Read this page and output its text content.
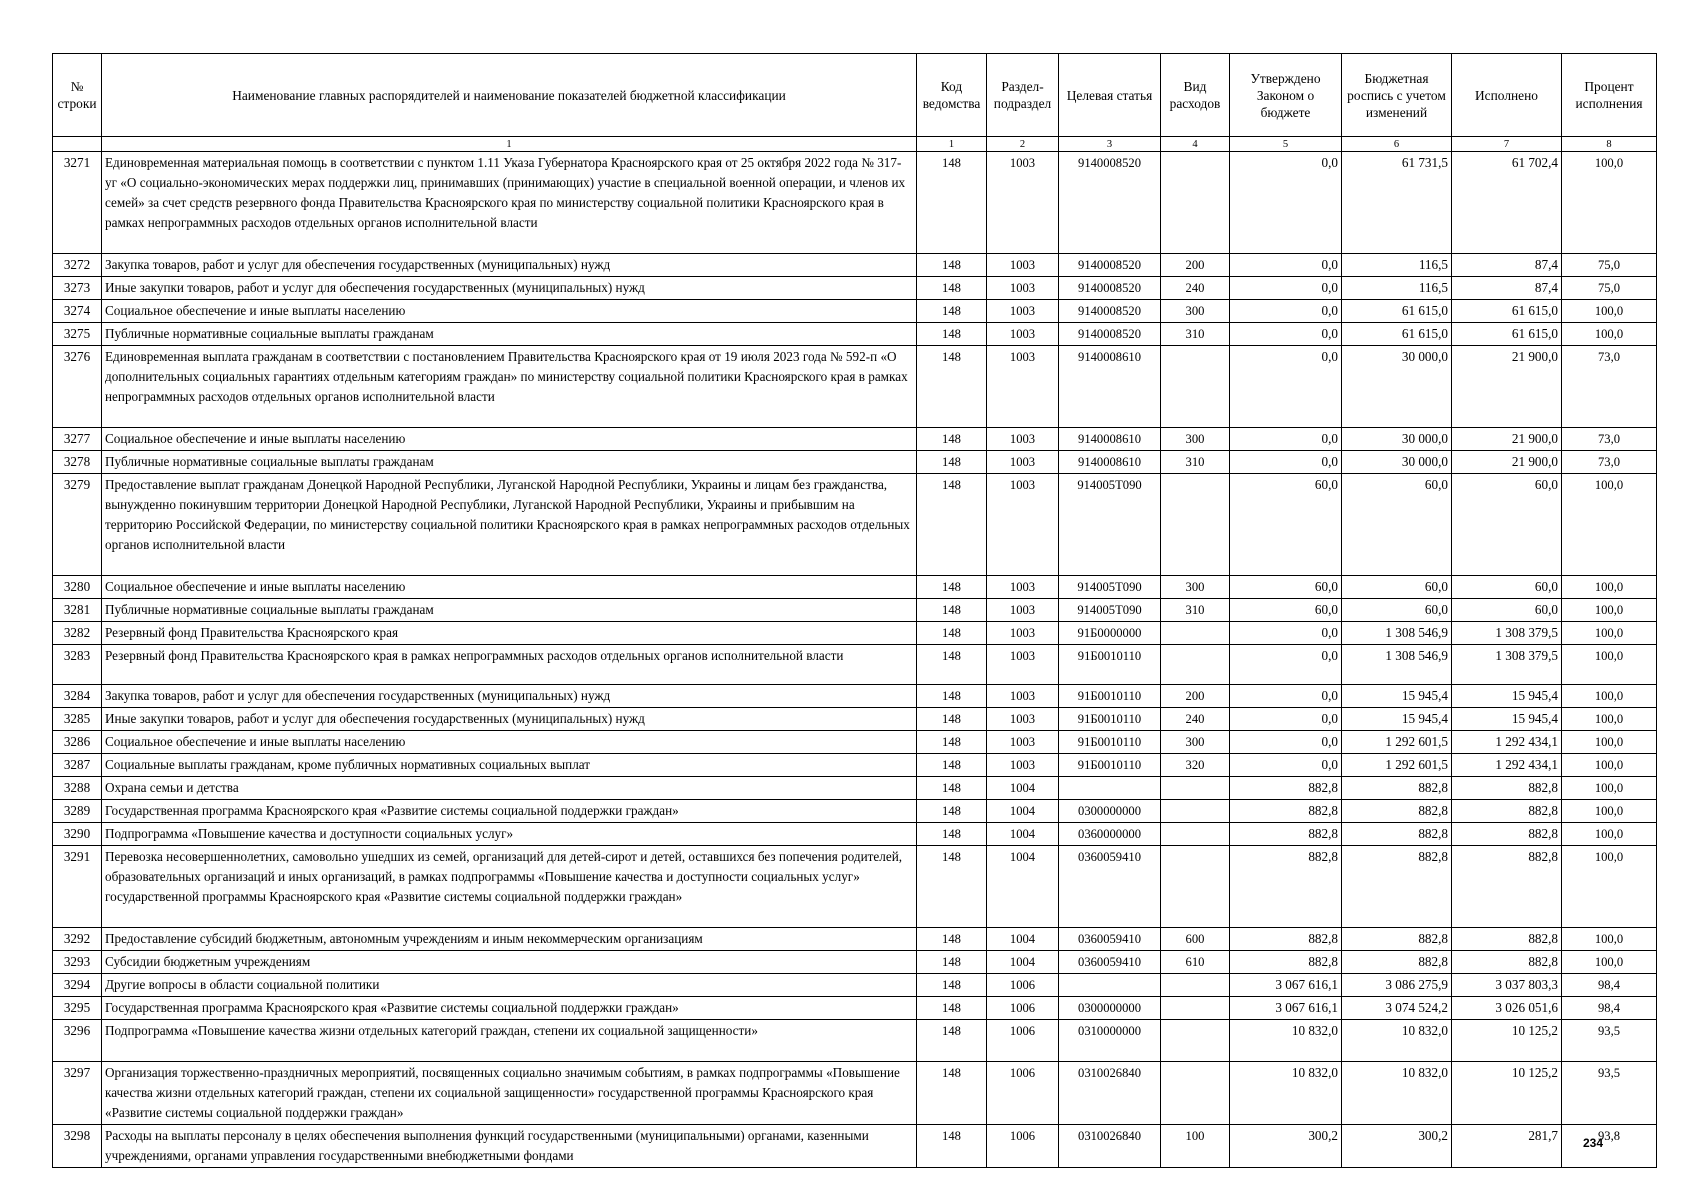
№ строки	Наименование главных распорядителей и наименование показателей бюджетной классификации	Код ведомства	Раздел-подраздел	Целевая статья	Вид расходов	Утверждено Законом о бюджете	Бюджетная роспись с учетом изменений	Исполнено	Процент исполнения
	1	1	2	3	4	5	6	7	8
3271	Единовременная материальная помощь в соответствии с пунктом 1.11 Указа Губернатора Красноярского края от 25 октября 2022 года № 317-уг «О социально-экономических мерах поддержки лиц, принимавших (принимающих) участие в специальной военной операции, и членов их семей» за счет средств резервного фонда Правительства Красноярского края по министерству социальной политики Красноярского края в рамках непрограммных расходов отдельных органов исполнительной власти	148	1003	9140008520		0,0	61 731,5	61 702,4	100,0
3272	Закупка товаров, работ и услуг для обеспечения государственных (муниципальных) нужд	148	1003	9140008520	200	0,0	116,5	87,4	75,0
3273	Иные закупки товаров, работ и услуг для обеспечения государственных (муниципальных) нужд	148	1003	9140008520	240	0,0	116,5	87,4	75,0
3274	Социальное обеспечение и иные выплаты населению	148	1003	9140008520	300	0,0	61 615,0	61 615,0	100,0
3275	Публичные нормативные социальные выплаты гражданам	148	1003	9140008520	310	0,0	61 615,0	61 615,0	100,0
3276	Единовременная выплата гражданам в соответствии с постановлением Правительства Красноярского края от 19 июля 2023 года № 592-п «О дополнительных социальных гарантиях отдельным категориям граждан» по министерству социальной политики Красноярского края в рамках непрограммных расходов отдельных органов исполнительной власти	148	1003	9140008610		0,0	30 000,0	21 900,0	73,0
3277	Социальное обеспечение и иные выплаты населению	148	1003	9140008610	300	0,0	30 000,0	21 900,0	73,0
3278	Публичные нормативные социальные выплаты гражданам	148	1003	9140008610	310	0,0	30 000,0	21 900,0	73,0
3279	Предоставление выплат гражданам Донецкой Народной Республики, Луганской Народной Республики, Украины и лицам без гражданства, вынужденно покинувшим территории Донецкой Народной Республики, Луганской Народной Республики, Украины и прибывшим на территорию Российской Федерации, по министерству социальной политики Красноярского края в рамках непрограммных расходов отдельных органов исполнительной власти	148	1003	914005Т090		60,0	60,0	60,0	100,0
3280	Социальное обеспечение и иные выплаты населению	148	1003	914005Т090	300	60,0	60,0	60,0	100,0
3281	Публичные нормативные социальные выплаты гражданам	148	1003	914005Т090	310	60,0	60,0	60,0	100,0
3282	Резервный фонд Правительства Красноярского края	148	1003	91Б0000000		0,0	1 308 546,9	1 308 379,5	100,0
3283	Резервный фонд Правительства Красноярского края в рамках непрограммных расходов отдельных органов исполнительной власти	148	1003	91Б0010110		0,0	1 308 546,9	1 308 379,5	100,0
3284	Закупка товаров, работ и услуг для обеспечения государственных (муниципальных) нужд	148	1003	91Б0010110	200	0,0	15 945,4	15 945,4	100,0
3285	Иные закупки товаров, работ и услуг для обеспечения государственных (муниципальных) нужд	148	1003	91Б0010110	240	0,0	15 945,4	15 945,4	100,0
3286	Социальное обеспечение и иные выплаты населению	148	1003	91Б0010110	300	0,0	1 292 601,5	1 292 434,1	100,0
3287	Социальные выплаты гражданам, кроме публичных нормативных социальных выплат	148	1003	91Б0010110	320	0,0	1 292 601,5	1 292 434,1	100,0
3288	Охрана семьи и детства	148	1004			882,8	882,8	882,8	100,0
3289	Государственная программа Красноярского края «Развитие системы социальной поддержки граждан»	148	1004	0300000000		882,8	882,8	882,8	100,0
3290	Подпрограмма «Повышение качества и доступности социальных услуг»	148	1004	0360000000		882,8	882,8	882,8	100,0
3291	Перевозка несовершеннолетних, самовольно ушедших из семей, организаций для детей-сирот и детей, оставшихся без попечения родителей, образовательных организаций и иных организаций, в рамках подпрограммы «Повышение качества и доступности социальных услуг» государственной программы Красноярского края «Развитие системы социальной поддержки граждан»	148	1004	0360059410		882,8	882,8	882,8	100,0
3292	Предоставление субсидий бюджетным, автономным учреждениям и иным некоммерческим организациям	148	1004	0360059410	600	882,8	882,8	882,8	100,0
3293	Субсидии бюджетным учреждениям	148	1004	0360059410	610	882,8	882,8	882,8	100,0
3294	Другие вопросы в области социальной политики	148	1006			3 067 616,1	3 086 275,9	3 037 803,3	98,4
3295	Государственная программа Красноярского края «Развитие системы социальной поддержки граждан»	148	1006	0300000000		3 067 616,1	3 074 524,2	3 026 051,6	98,4
3296	Подпрограмма «Повышение качества жизни отдельных категорий граждан, степени их социальной защищенности»	148	1006	0310000000		10 832,0	10 832,0	10 125,2	93,5
3297	Организация торжественно-праздничных мероприятий, посвященных социально значимым событиям, в рамках подпрограммы «Повышение качества жизни отдельных категорий граждан, степени их социальной защищенности» государственной программы Красноярского края «Развитие системы социальной поддержки граждан»	148	1006	0310026840		10 832,0	10 832,0	10 125,2	93,5
3298	Расходы на выплаты персоналу в целях обеспечения выполнения функций государственными (муниципальными) органами, казенными учреждениями, органами управления государственными внебюджетными фондами	148	1006	0310026840	100	300,2	300,2	281,7	93,8
234
